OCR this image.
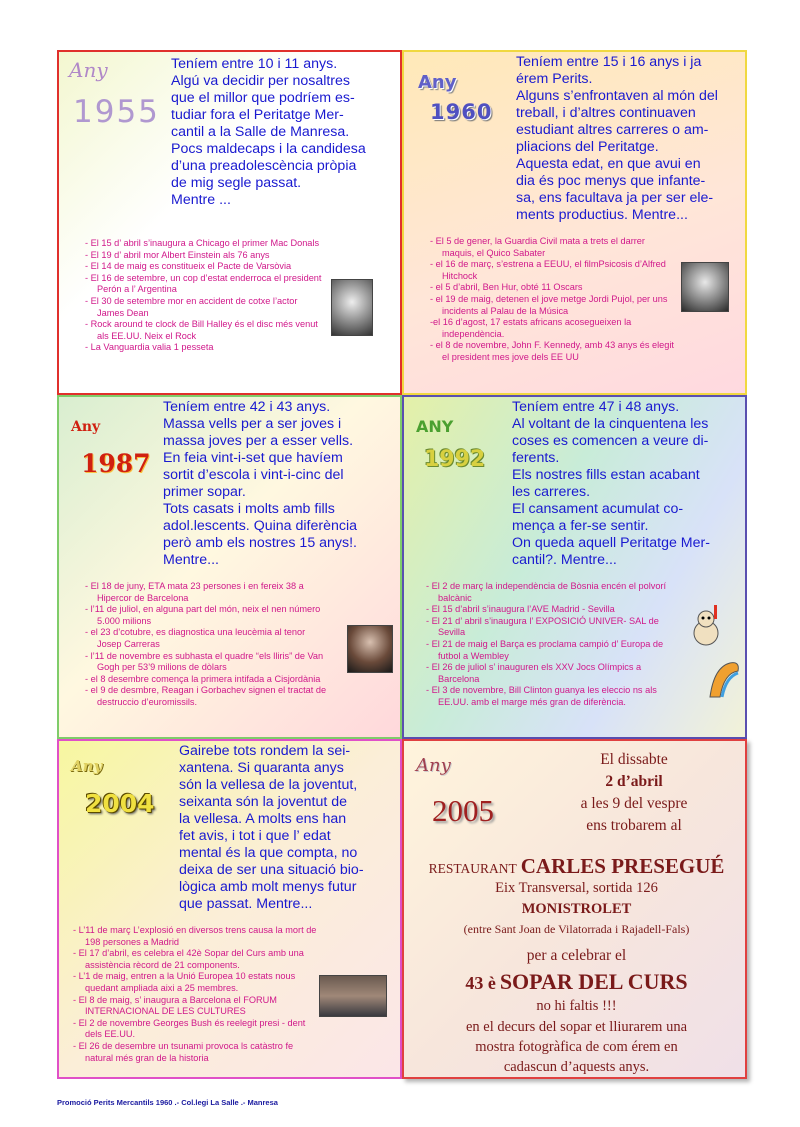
Any
1955
Teníem entre 10 i 11 anys.
Algú va decidir per nosaltres
que el millor que podríem es-
tudiar fora el Peritatge Mer-
cantil a la Salle de Manresa.
Pocs maldecaps i la candidesa
d’una preadolescència pròpia
de mig segle passat.
Mentre ...
- El 15 d’ abril s’inaugura a Chicago el primer Mac Donals
- El 19 d’ abril mor Albert Einstein als 76 anys
- El 14 de maig es constitueix el Pacte de Varsòvia
- El 16 de setembre, un cop d’estat enderroca el president Perón a l’ Argentina
- El 30 de setembre mor en accident de cotxe l’actor James Dean
- Rock around te clock de Bill Halley és el disc més venut als EE.UU. Neix el Rock
- La Vanguardia valia 1 pesseta
Any
1960
Teníem entre 15 i 16 anys i ja
érem Perits.
Alguns s’enfrontaven al món del
treball, i d’altres continuaven
estudiant altres carreres o am-
pliacions del Peritatge.
Aquesta edat, en que avui en
dia és poc menys que infante-
sa, ens facultava ja per ser ele-
ments productius. Mentre...
- El 5 de gener, la Guardia Civil mata a trets el darrer maquis, el Quico Sabater
- el 16 de març, s’estrena a EEUU, el filmPsicosis d’Alfred Hitchock
- el 5 d’abril, Ben Hur, obté 11 Oscars
- el 19 de maig, detenen el jove metge Jordi Pujol, per uns incidents al Palau de la Música
-el 16 d’agost, 17 estats africans acosegueixen la independència.
- el 8 de novembre, John F. Kennedy, amb 43 anys és elegit el president mes jove dels EE UU
Any
1987
Teníem entre 42 i 43 anys.
Massa vells per a ser joves i
massa joves per a esser vells.
En feia vint-i-set que havíem
sortit d’escola i vint-i-cinc del
primer sopar.
Tots casats i molts amb fills
adol.lescents. Quina diferència
però amb els nostres 15 anys!.
Mentre...
- El 18 de juny, ETA mata 23 persones i en fereix 38 a Hipercor de Barcelona
- l’11 de juliol, en alguna part del món, neix el nen número 5.000 milions
- el 23 d’cotubre, es diagnostica una leucèmia al tenor Josep Carreras
- l’11 de novembre es subhasta el quadre “els lliris” de Van Gogh per 53’9 milions de dòlars
- el 8 desembre comença la primera intifada a Cisjordània
- el 9 de desmbre, Reagan i Gorbachev signen el tractat de destruccio d’euromissils.
ANY
1992
Teníem entre 47 i 48 anys.
Al voltant de la cinquentena les
coses es comencen a veure di-
ferents.
Els nostres fills estan acabant
les carreres.
El cansament acumulat co-
mença a fer-se sentir.
On queda aquell Peritatge Mer-
cantil?. Mentre...
- El 2 de març la independència de Bòsnia encén el polvorí balcànic
- El 15 d’abril s’inaugura l’AVE Madrid - Sevilla
- El 21 d’ abril s’inaugura l’ EXPOSICIÓ UNIVER- SAL de Sevilla
- El 21 de maig el Barça es proclama campió d’ Europa de futbol a Wembley
- El 26 de juliol s’ inauguren els XXV Jocs Olímpics a Barcelona
- El 3 de novembre, Bill Clinton guanya les eleccio ns als EE.UU. amb el marge més gran de diferència.
Any
2004
Gairebe tots rondem la sei-
xantena. Si quaranta anys
són la vellesa de la joventut,
seixanta són la joventut de
la vellesa. A molts ens han
fet avis, i tot i que l’ edat
mental és la que compta, no
deixa de ser una situació bio-
lògica amb molt menys futur
que passat. Mentre...
- L’11 de març L’explosió en diversos trens causa la mort de 198 persones a Madrid
- El 17 d’abril, es celebra el 42è Sopar del Curs amb una assistència rècord de 21 components.
- L’1 de maig, entren a la Unió Europea 10 estats nous quedant ampliada aixi a 25 membres.
- El 8 de maig, s’ inaugura a Barcelona el FORUM INTERNACIONAL DE LES CULTURES
- El 2 de novembre Georges Bush és reelegit presi - dent dels EE.UU.
- El 26 de desembre un tsunami provoca ls catàstro fe natural més gran de la historia
Any
2005
El dissabte
2 d’abril
a les 9 del vespre
ens trobarem al
RESTAURANT CARLES PRESEGUÉ
Eix Transversal, sortida 126
MONISTROLET
(entre Sant Joan de Vilatorrada i Rajadell-Fals)
per a celebrar el
43 è SOPAR DEL CURS
no hi faltis !!!
en el decurs del sopar et lliurarem una
mostra fotogràfica de com érem en
cadascun d’aquests anys.
Promoció Perits Mercantils 1960 .- Col.legi La Salle .- Manresa
